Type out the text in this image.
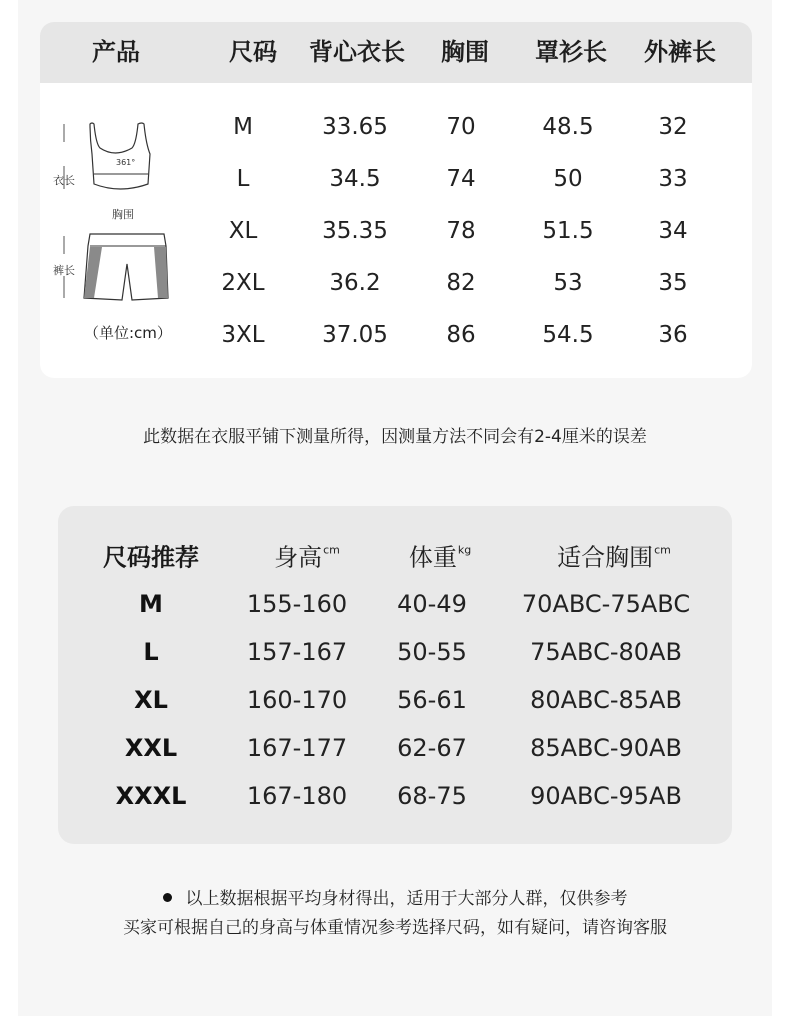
产品	尺码 背心衣长 胸围 罩衫长 外裤长
衣长
361°
胸围
裤长
（单位:cm）
M	33.65	70	48.5	32
L	34.5	74	50	33
XL	35.35	78	51.5	34
2XL	36.2	82	53	35
3XL 37.05	86	54.5	36
此数据在衣服平铺下测量所得，因测量方法不同会有2-4厘米的误差
尺码推荐	身高$^{cm}$	体重$^{kg}$	适合胸围$^{cm}$
M	155-160 40-49 70ABC-75ABC
L	157-167 50-55	75ABC-80AB
XL	160-170 56-61	80ABC-85AB
XXL	167-177 62-67	85ABC-90AB
XXXL	167-180 68-75	90ABC-95AB
以上数据根据平均身材得出，适用于大部分人群，仅供参考
买家可根据自己的身高与体重情况参考选择尺码，如有疑问，请咨询客服
